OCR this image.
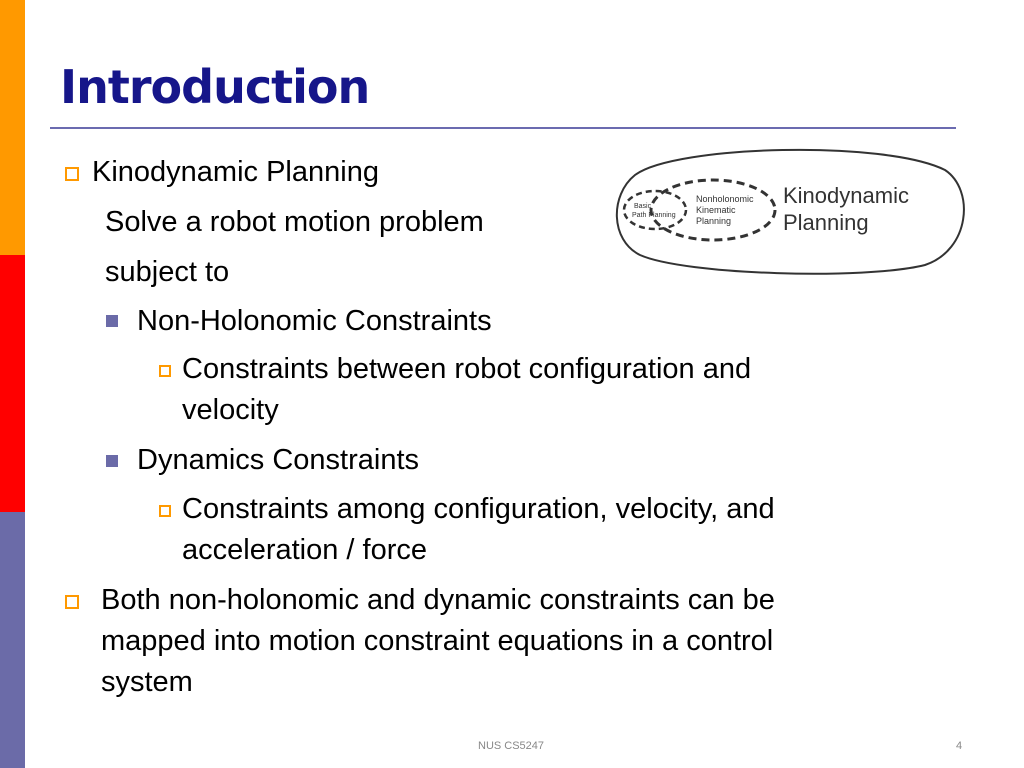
Introduction
Kinodynamic Planning
Solve a robot motion problem
subject to
Non-Holonomic Constraints
Constraints between robot configuration and
velocity
Dynamics Constraints
Constraints among configuration, velocity, and
acceleration / force
Both non-holonomic and dynamic constraints can be
mapped into motion constraint equations in a control
system
Kinodynamic
Planning
Nonholonomic
Kinematic
Planning
Basic
Path Planning
NUS CS5247	4
